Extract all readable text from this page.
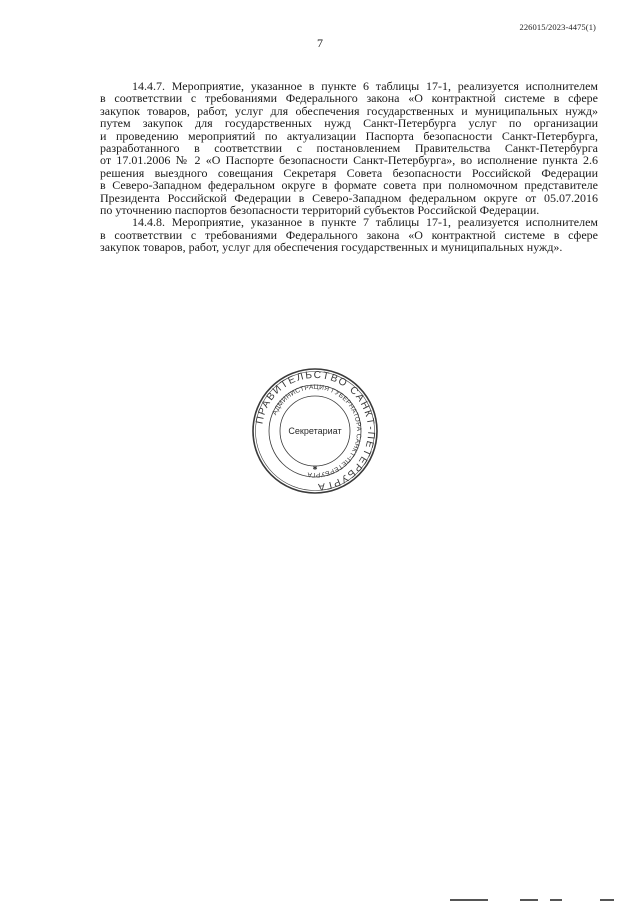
226015/2023-4475(1)
7
14.4.7. Мероприятие, указанное в пункте 6 таблицы 17-1, реализуется исполнителем
в соответствии с требованиями Федерального закона «О контрактной системе в сфере
закупок товаров, работ, услуг для обеспечения государственных и муниципальных нужд»
путем закупок для государственных нужд Санкт-Петербурга услуг по организации
и проведению мероприятий по актуализации Паспорта безопасности Санкт-Петербурга,
разработанного в соответствии с постановлением Правительства Санкт-Петербурга
от 17.01.2006 № 2 «О Паспорте безопасности Санкт-Петербурга», во исполнение пункта 2.6
решения выездного совещания Секретаря Совета безопасности Российской Федерации
в Северо-Западном федеральном округе в формате совета при полномочном представителе
Президента Российской Федерации в Северо-Западном федеральном округе от 05.07.2016
по уточнению паспортов безопасности территорий субъектов Российской Федерации.
14.4.8. Мероприятие, указанное в пункте 7 таблицы 17-1, реализуется исполнителем
в соответствии с требованиями Федерального закона «О контрактной системе в сфере
закупок товаров, работ, услуг для обеспечения государственных и муниципальных нужд».
ПРАВИТЕЛЬСТВО САНКТ-ПЕТЕРБУРГА
АДМИНИСТРАЦИЯ ГУБЕРНАТОРА САНКТ-ПЕТЕРБУРГА
Секретариат
✱
